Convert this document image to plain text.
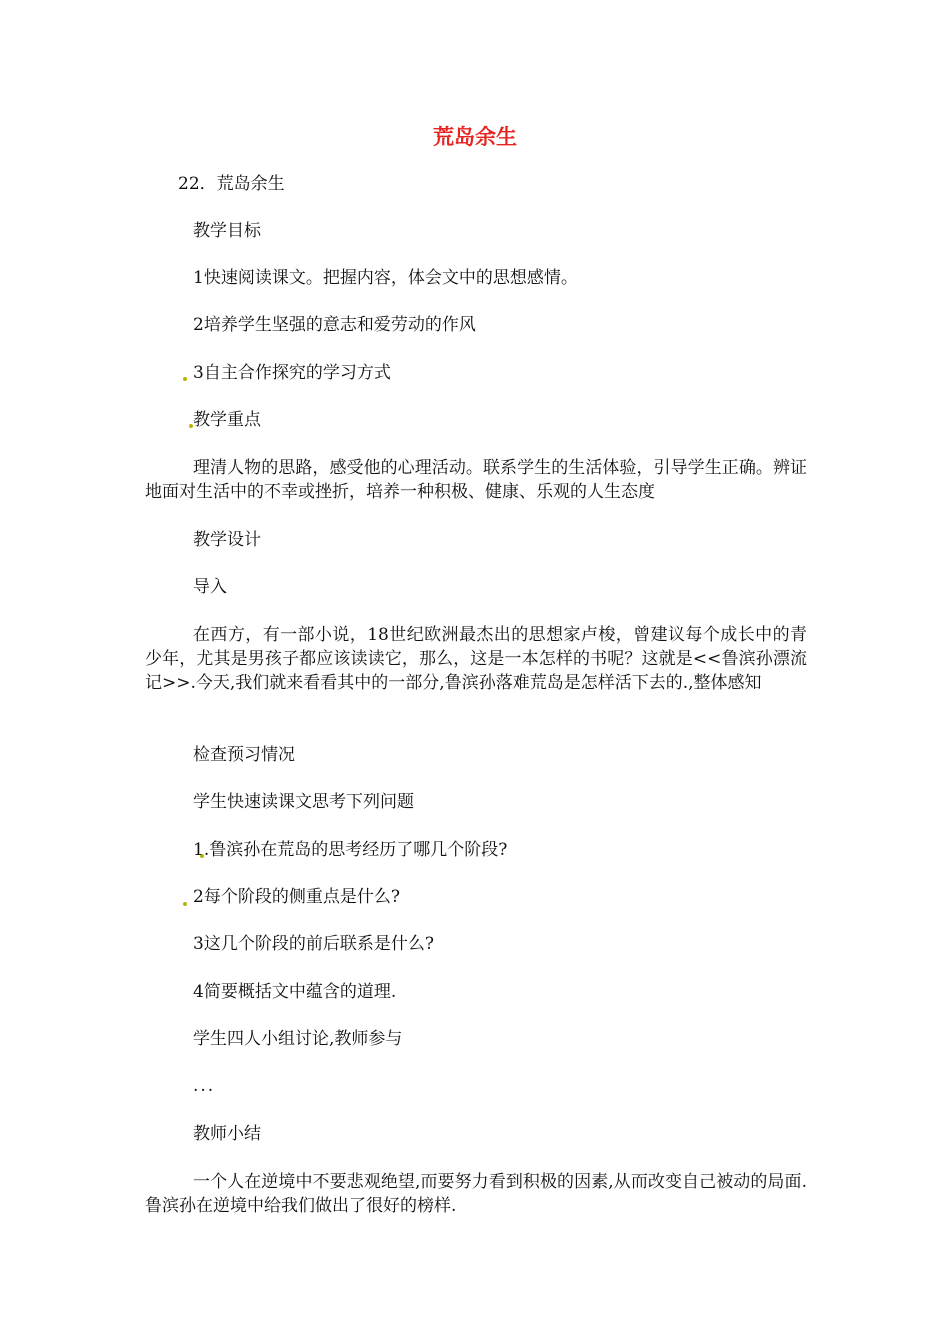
荒岛余生
22．荒岛余生
教学目标
1快速阅读课文。把握内容，体会文中的思想感情。
2培养学生坚强的意志和爱劳动的作风
3自主合作探究的学习方式
教学重点
理清人物的思路，感受他的心理活动。联系学生的生活体验，引导学生正确。辨证地面对生活中的不幸或挫折，培养一种积极、健康、乐观的人生态度
教学设计
导入
在西方，有一部小说，18世纪欧洲最杰出的思想家卢梭，曾建议每个成长中的青少年，尤其是男孩子都应该读读它，那么，这是一本怎样的书呢？这就是<<鲁滨孙漂流记>>.今天,我们就来看看其中的一部分,鲁滨孙落难荒岛是怎样活下去的.,整体感知
检查预习情况
学生快速读课文思考下列问题
1.鲁滨孙在荒岛的思考经历了哪几个阶段?
2每个阶段的侧重点是什么?
3这几个阶段的前后联系是什么?
4简要概括文中蕴含的道理.
学生四人小组讨论,教师参与
...
教师小结
一个人在逆境中不要悲观绝望,而要努力看到积极的因素,从而改变自己被动的局面.鲁滨孙在逆境中给我们做出了很好的榜样.
